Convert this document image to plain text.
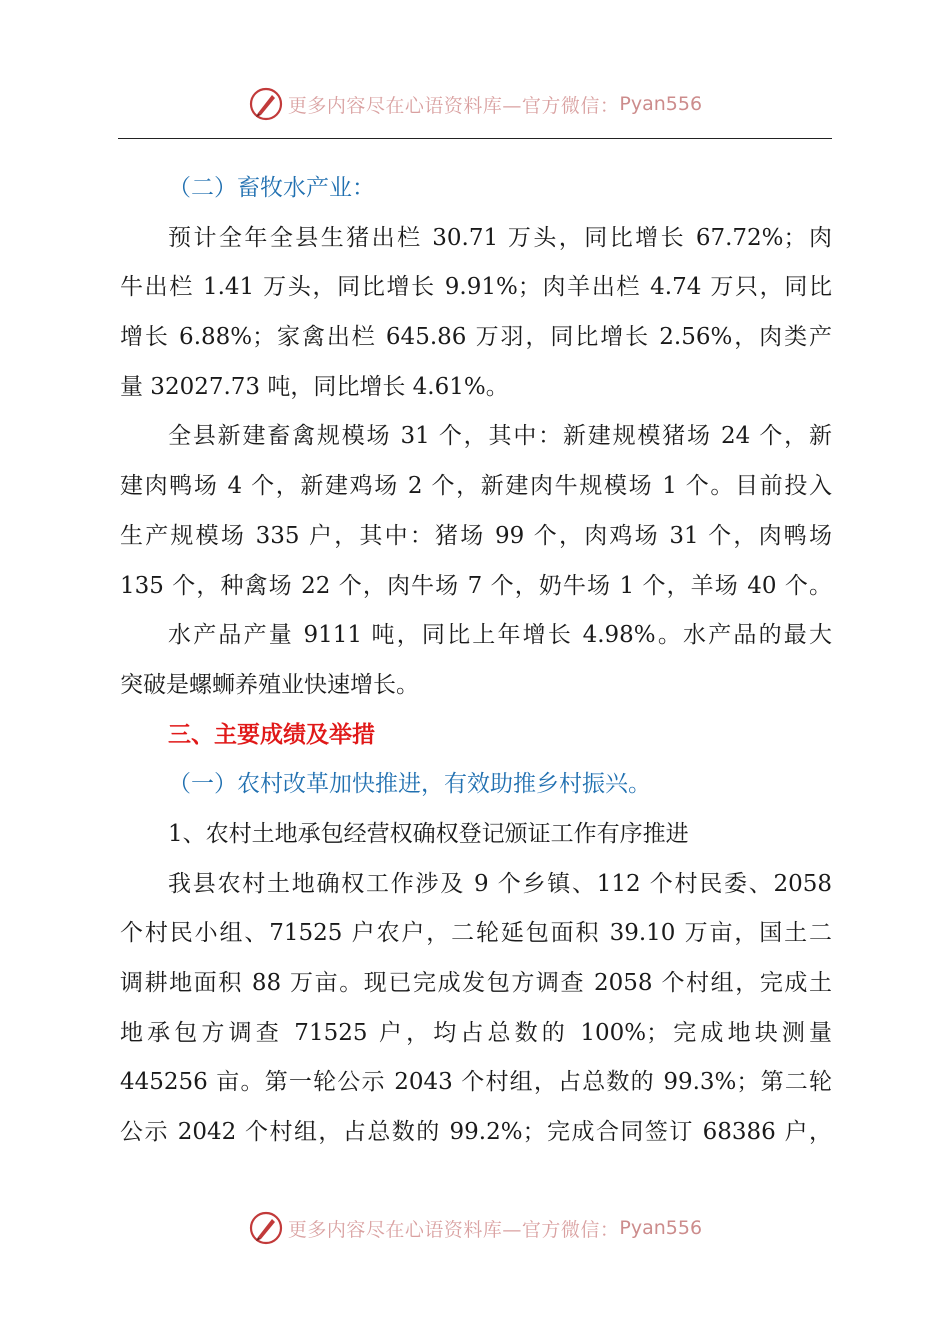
更多内容尽在心语资料库—官方微信： Pyan556
（二）畜牧水产业：
预计全年全县生猪出栏 30.71 万头，同比增长 67.72%；肉
牛出栏 1.41 万头，同比增长 9.91%；肉羊出栏 4.74 万只，同比
增长 6.88%；家禽出栏 645.86 万羽，同比增长 2.56%，肉类产
量 32027.73 吨，同比增长 4.61%。
全县新建畜禽规模场 31 个，其中：新建规模猪场 24 个，新
建肉鸭场 4 个，新建鸡场 2 个，新建肉牛规模场 1 个。目前投入
生产规模场 335 户，其中：猪场 99 个，肉鸡场 31 个，肉鸭场
135 个，种禽场 22 个，肉牛场 7 个，奶牛场 1 个，羊场 40 个。
水产品产量 9111 吨，同比上年增长 4.98%。水产品的最大
突破是螺蛳养殖业快速增长。
三、主要成绩及举措
（一）农村改革加快推进，有效助推乡村振兴。
1、农村土地承包经营权确权登记颁证工作有序推进
我县农村土地确权工作涉及 9 个乡镇、112 个村民委、2058
个村民小组、71525 户农户，二轮延包面积 39.10 万亩，国土二
调耕地面积 88 万亩。现已完成发包方调查 2058 个村组，完成土
地承包方调查 71525 户，均占总数的 100%；完成地块测量
445256 亩。第一轮公示 2043 个村组，占总数的 99.3%；第二轮
公示 2042 个村组，占总数的 99.2%；完成合同签订 68386 户，
更多内容尽在心语资料库—官方微信： Pyan556
